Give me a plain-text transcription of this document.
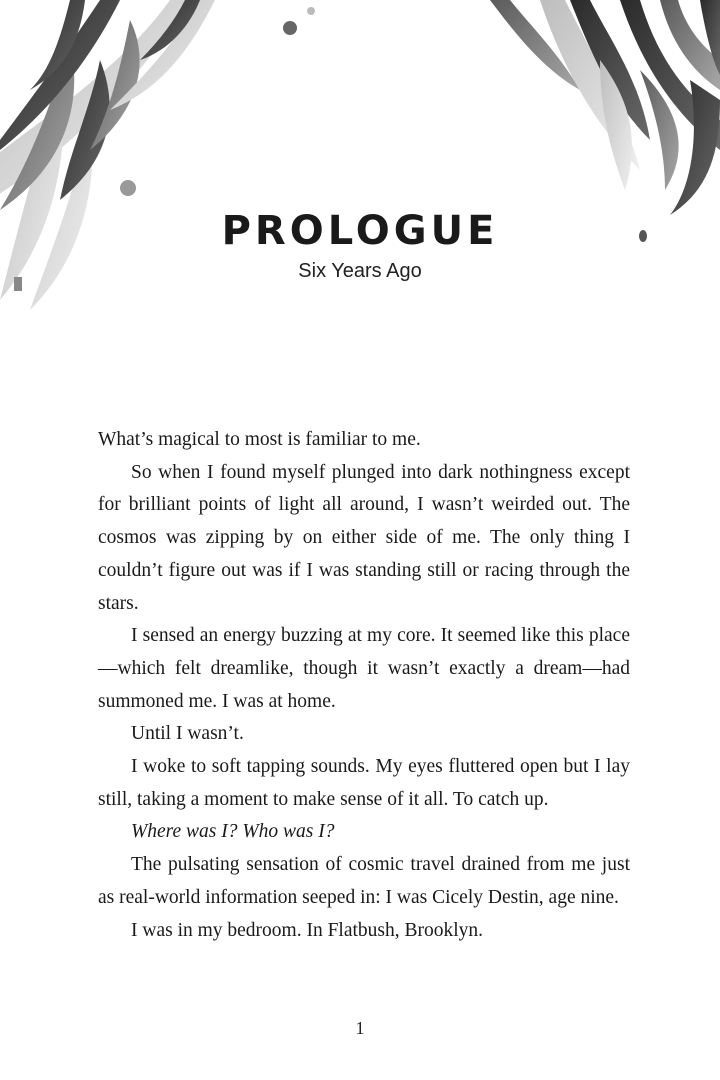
PROLOGUE
Six Years Ago

What’s magical to most is familiar to me.

So when I found myself plunged into dark nothingness except for brilliant points of light all around, I wasn’t weirded out. The cosmos was zipping by on either side of me. The only thing I couldn’t figure out was if I was standing still or racing through the stars.

I sensed an energy buzzing at my core. It seemed like this place—which felt dreamlike, though it wasn’t exactly a dream—had summoned me. I was at home.

Until I wasn’t.

I woke to soft tapping sounds. My eyes fluttered open but I lay still, taking a moment to make sense of it all. To catch up.

Where was I? Who was I?

The pulsating sensation of cosmic travel drained from me just as real-world information seeped in: I was Cicely Destin, age nine.

I was in my bedroom. In Flatbush, Brooklyn.

1
